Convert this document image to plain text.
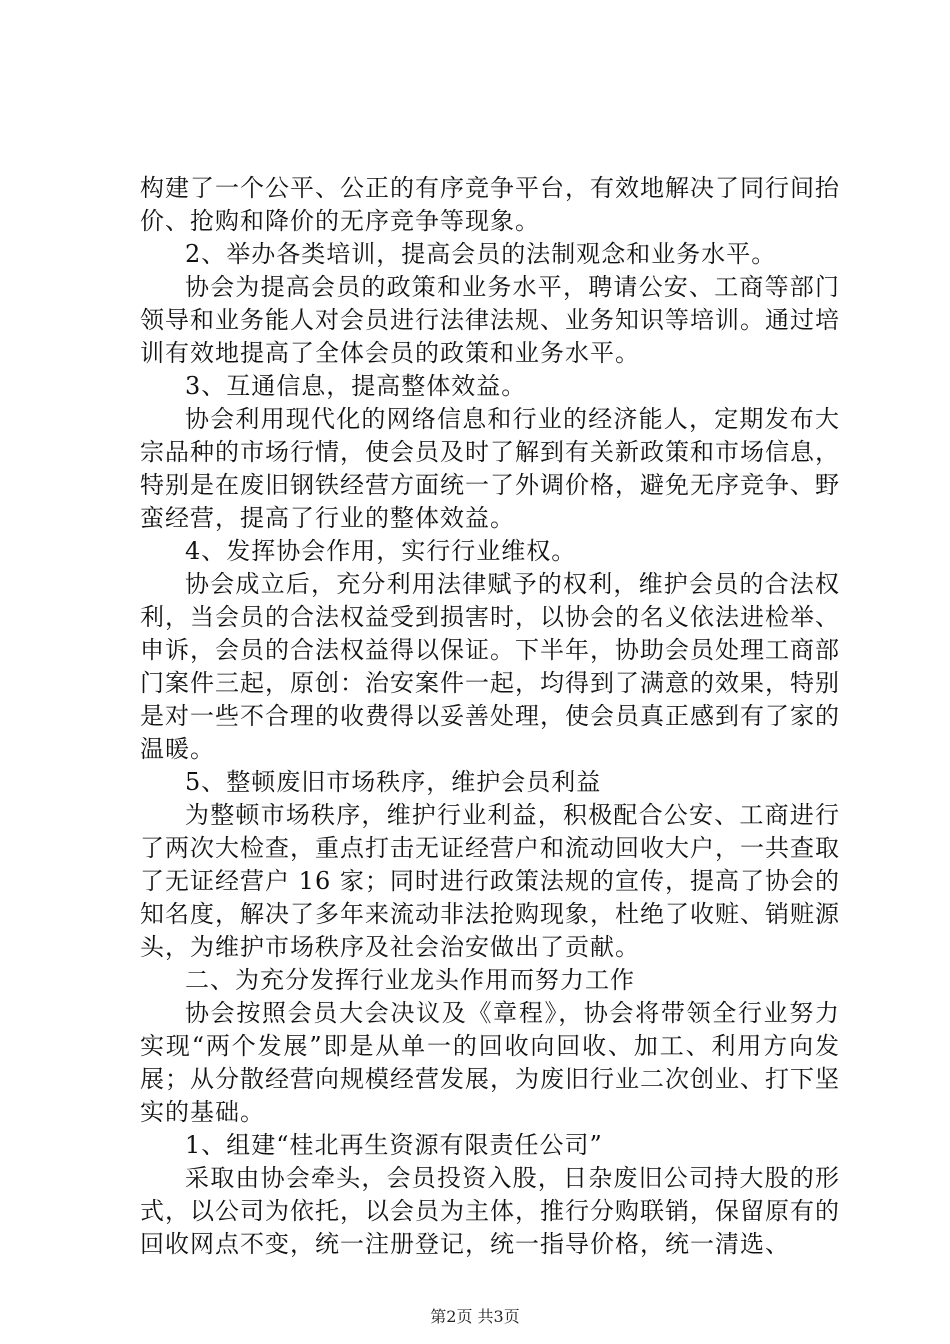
构建了一个公平、公正的有序竞争平台，有效地解决了同行间抬价、抢购和降价的无序竞争等现象。

2、举办各类培训，提高会员的法制观念和业务水平。

协会为提高会员的政策和业务水平，聘请公安、工商等部门领导和业务能人对会员进行法律法规、业务知识等培训。通过培训有效地提高了全体会员的政策和业务水平。

3、互通信息，提高整体效益。

协会利用现代化的网络信息和行业的经济能人，定期发布大宗品种的市场行情，使会员及时了解到有关新政策和市场信息，特别是在废旧钢铁经营方面统一了外调价格，避免无序竞争、野蛮经营，提高了行业的整体效益。

4、发挥协会作用，实行行业维权。

协会成立后，充分利用法律赋予的权利，维护会员的合法权利，当会员的合法权益受到损害时，以协会的名义依法进检举、申诉，会员的合法权益得以保证。下半年，协助会员处理工商部门案件三起，原创：治安案件一起，均得到了满意的效果，特别是对一些不合理的收费得以妥善处理，使会员真正感到有了家的温暖。

5、整顿废旧市场秩序，维护会员利益

为整顿市场秩序，维护行业利益，积极配合公安、工商进行了两次大检查，重点打击无证经营户和流动回收大户，一共查取了无证经营户 16 家；同时进行政策法规的宣传，提高了协会的知名度，解决了多年来流动非法抢购现象，杜绝了收赃、销赃源头，为维护市场秩序及社会治安做出了贡献。

二、为充分发挥行业龙头作用而努力工作

协会按照会员大会决议及《章程》，协会将带领全行业努力实现“两个发展”即是从单一的回收向回收、加工、利用方向发展；从分散经营向规模经营发展，为废旧行业二次创业、打下坚实的基础。

1、组建“桂北再生资源有限责任公司”

采取由协会牵头，会员投资入股，日杂废旧公司持大股的形式，以公司为依托，以会员为主体，推行分购联销，保留原有的回收网点不变，统一注册登记，统一指导价格，统一清选、

第2页 共3页
